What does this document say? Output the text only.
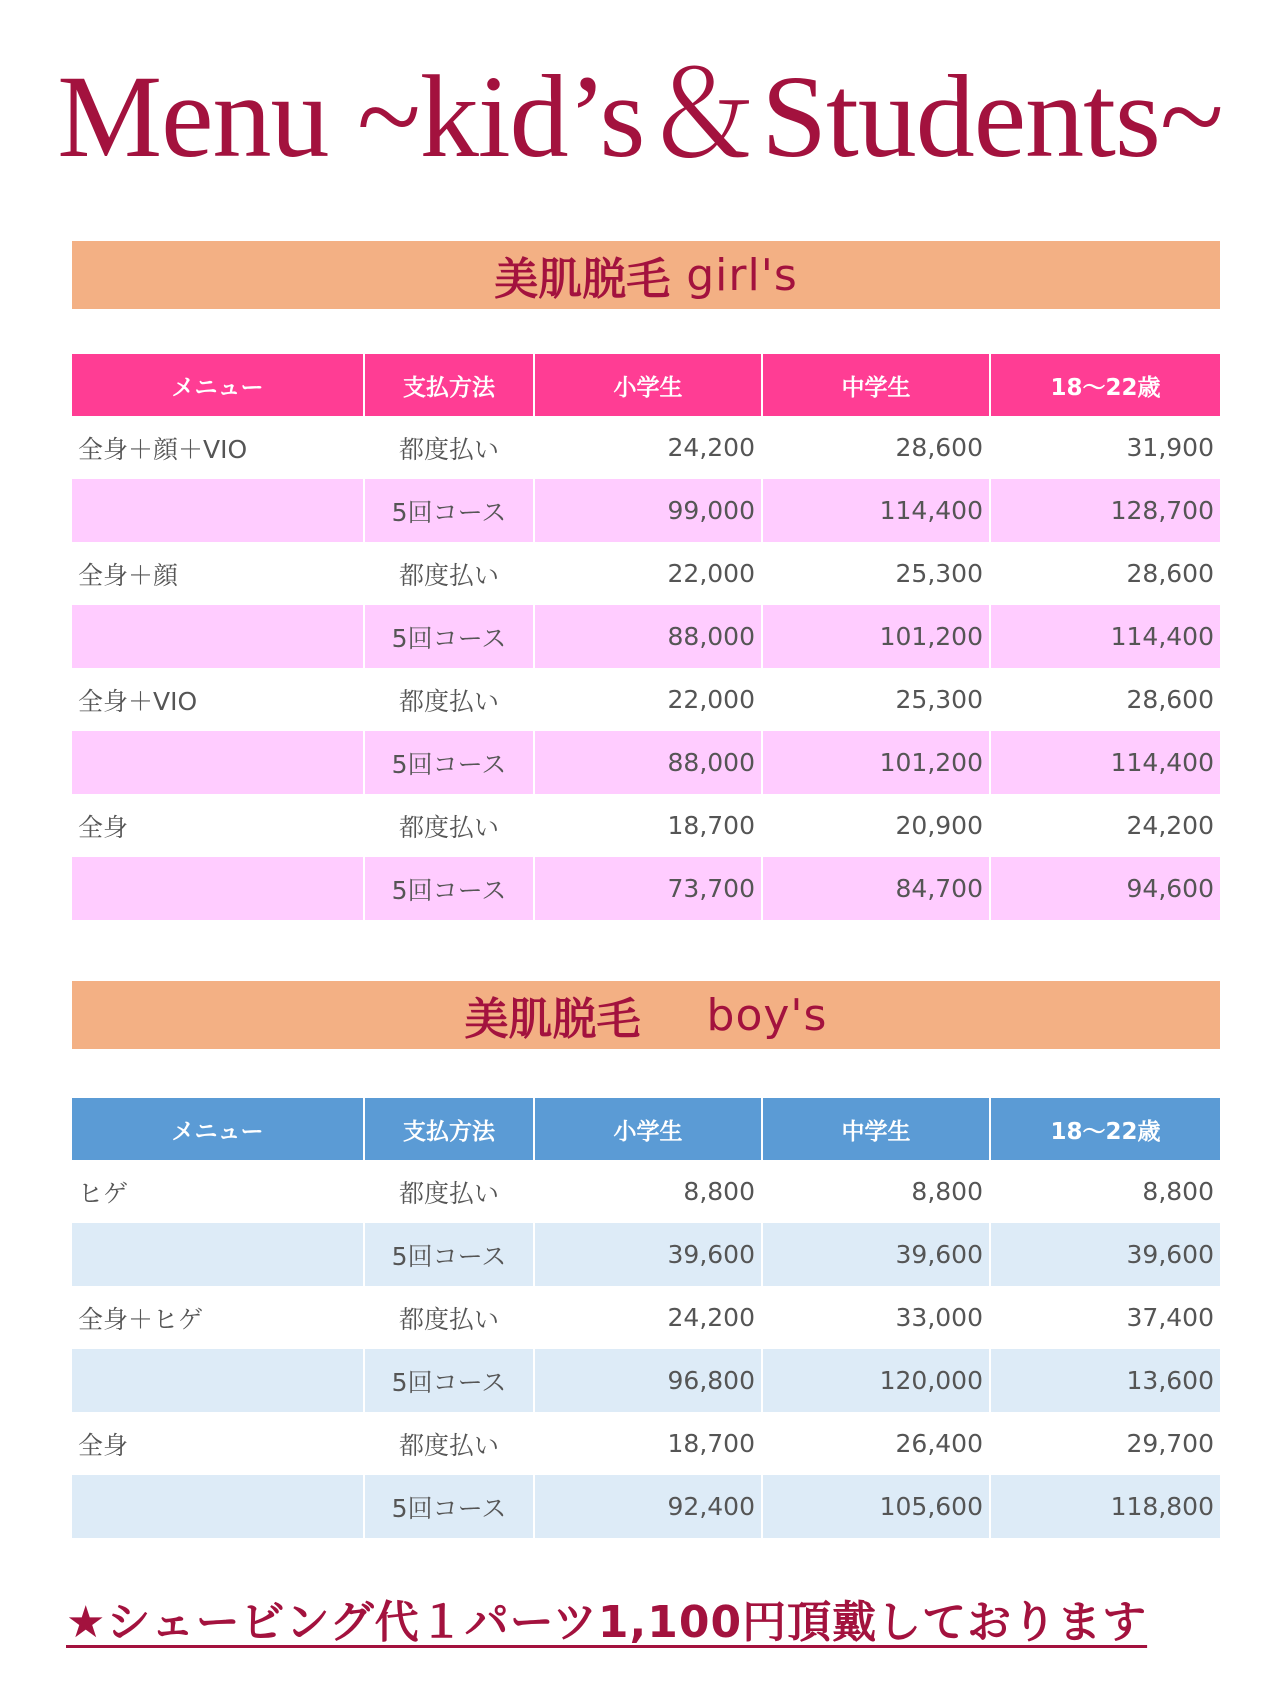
Menu ~kid’s＆Students~
美肌脱毛 girl's
メニュー	支払方法	小学生	中学生	18～22歳
全身＋顔＋VIO	都度払い	24,200	28,600	31,900
	5回コース	99,000	114,400	128,700
全身＋顔	都度払い	22,000	25,300	28,600
	5回コース	88,000	101,200	114,400
全身＋VIO	都度払い	22,000	25,300	28,600
	5回コース	88,000	101,200	114,400
全身	都度払い	18,700	20,900	24,200
	5回コース	73,700	84,700	94,600
美肌脱毛 boy's
メニュー	支払方法	小学生	中学生	18～22歳
ヒゲ	都度払い	8,800	8,800	8,800
	5回コース	39,600	39,600	39,600
全身＋ヒゲ	都度払い	24,200	33,000	37,400
	5回コース	96,800	120,000	13,600
全身	都度払い	18,700	26,400	29,700
	5回コース	92,400	105,600	118,800
★シェービング代１パーツ1,100円頂戴しております
